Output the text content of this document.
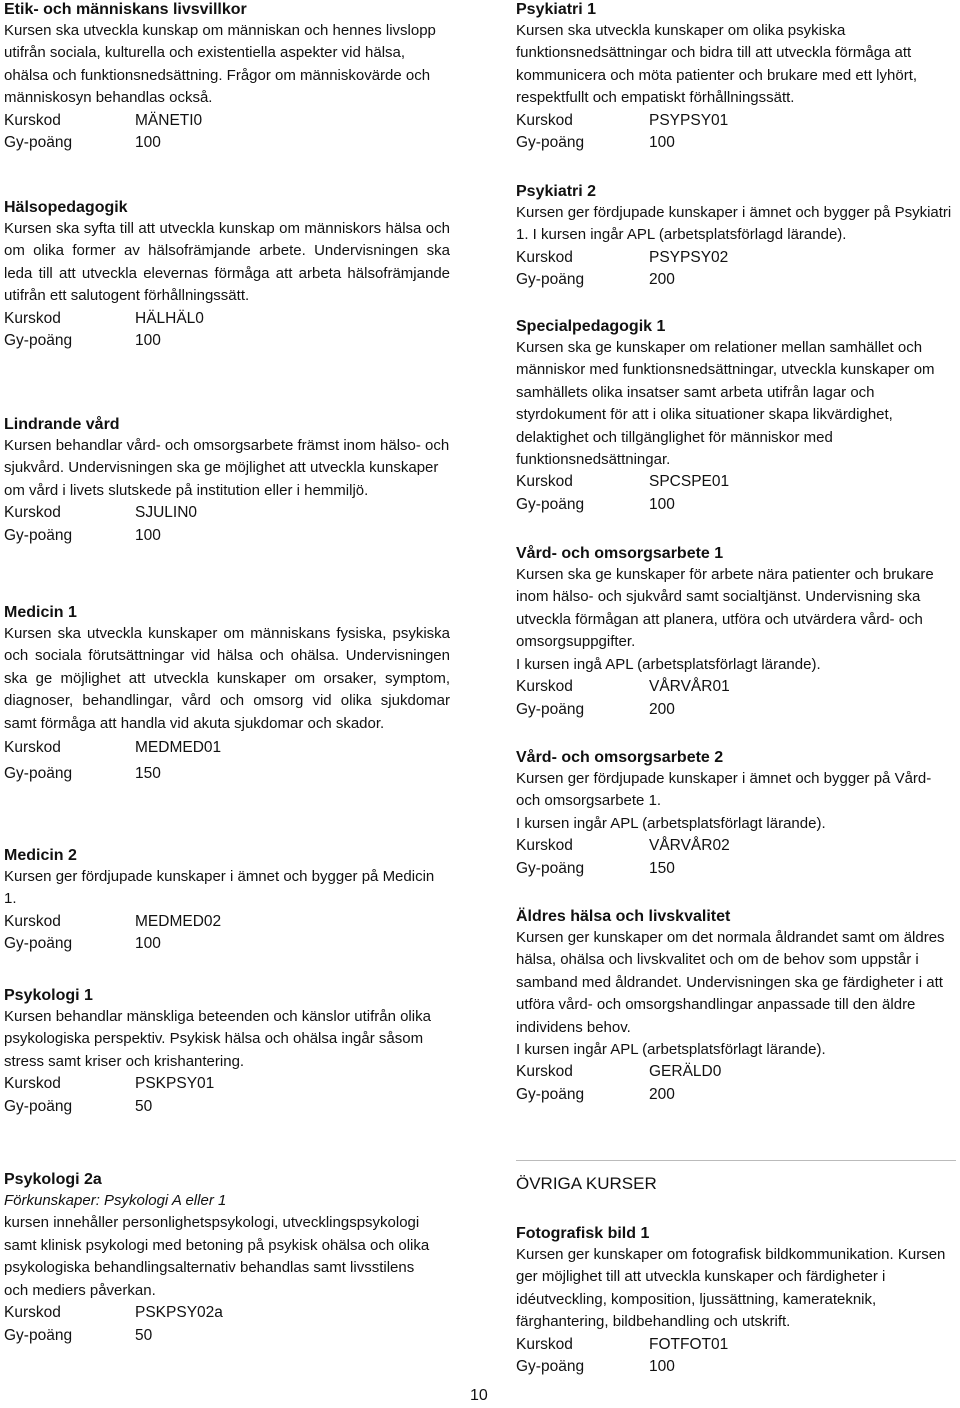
Etik- och människans livsvillkor

Kursen ska utveckla kunskap om människan och hennes livslopp utifrån sociala, kulturella och existentiella aspekter vid hälsa, ohälsa och funktionsnedsättning. Frågor om människovärde och människosyn behandlas också.

Kurskod	MÄNETI0

Gy-poäng	100

Hälsopedagogik

Kursen ska syfta till att utveckla kunskap om människors hälsa och om olika former av hälsofrämjande arbete. Undervisningen ska leda till att utveckla elevernas förmåga att arbeta hälsofrämjande utifrån ett salutogent förhållningssätt.

Kurskod	HÄLHÄL0

Gy-poäng	100

Lindrande vård

Kursen behandlar vård- och omsorgsarbete främst inom hälso- och sjukvård. Undervisningen ska ge möjlighet att utveckla kunskaper om vård i livets slutskede på institution eller i hemmiljö.

Kurskod	SJULIN0

Gy-poäng	100

Medicin 1

Kursen ska utveckla kunskaper om människans fysiska, psykiska och sociala förutsättningar vid hälsa och ohälsa. Undervisningen ska ge möjlighet att utveckla kunskaper om orsaker, symptom, diagnoser, behandlingar, vård och omsorg vid olika sjukdomar samt förmåga att handla vid akuta sjukdomar och skador.

Kurskod	MEDMED01

Gy-poäng	150

Medicin 2

Kursen ger fördjupade kunskaper i ämnet och bygger på Medicin 1.

Kurskod	MEDMED02

Gy-poäng	100

Psykologi 1

Kursen behandlar mänskliga beteenden och känslor utifrån olika psykologiska perspektiv. Psykisk hälsa och ohälsa ingår såsom stress samt kriser och krishantering.

Kurskod	PSKPSY01

Gy-poäng	50

Psykologi 2a

Förkunskaper: Psykologi A eller 1

kursen innehåller personlighetspsykologi, utvecklingspsykologi samt klinisk psykologi med betoning på psykisk ohälsa och olika psykologiska behandlingsalternativ behandlas samt livsstilens och mediers påverkan.

Kurskod	PSKPSY02a

Gy-poäng	50

Psykiatri 1

Kursen ska utveckla kunskaper om olika psykiska funktionsnedsättningar och bidra till att utveckla förmåga att kommunicera och möta patienter och brukare med ett lyhört, respektfullt och empatiskt förhållningssätt.

Kurskod	PSYPSY01

Gy-poäng	100

Psykiatri 2

Kursen ger fördjupade kunskaper i ämnet och bygger på Psykiatri 1. I kursen ingår APL (arbetsplatsförlagd lärande).

Kurskod	PSYPSY02

Gy-poäng	200

Specialpedagogik 1

Kursen ska ge kunskaper om relationer mellan samhället och människor med funktionsnedsättningar, utveckla kunskaper om samhällets olika insatser samt arbeta utifrån lagar och styrdokument för att i olika situationer skapa likvärdighet, delaktighet och tillgänglighet för människor med funktionsnedsättningar.

Kurskod	SPCSPE01

Gy-poäng	100

Vård- och omsorgsarbete 1

Kursen ska ge kunskaper för arbete nära patienter och brukare inom hälso- och sjukvård samt socialtjänst. Undervisning ska utveckla förmågan att planera, utföra och utvärdera vård- och omsorgsuppgifter.

I kursen ingå APL (arbetsplatsförlagt lärande).

Kurskod	VÅRVÅR01

Gy-poäng	200

Vård- och omsorgsarbete 2

Kursen ger fördjupade kunskaper i ämnet och bygger på Vård- och omsorgsarbete 1.

I kursen ingår APL (arbetsplatsförlagt lärande).

Kurskod	VÅRVÅR02

Gy-poäng	150

Äldres hälsa och livskvalitet

Kursen ger kunskaper om det normala åldrandet samt om äldres hälsa, ohälsa och livskvalitet och om de behov som uppstår i samband med åldrandet. Undervisningen ska ge färdigheter i att utföra vård- och omsorgshandlingar anpassade till den äldre individens behov.

I kursen ingår APL (arbetsplatsförlagt lärande).

Kurskod	GERÄLD0

Gy-poäng	200

Fotografisk bild 1

Kursen ger kunskaper om fotografisk bildkommunikation. Kursen ger möjlighet till att utveckla kunskaper och färdigheter i idéutveckling, komposition, ljussättning, kamerateknik, färghantering, bildbehandling och utskrift.

Kurskod	FOTFOT01

Gy-poäng	100

ÖVRIGA KURSER
10
